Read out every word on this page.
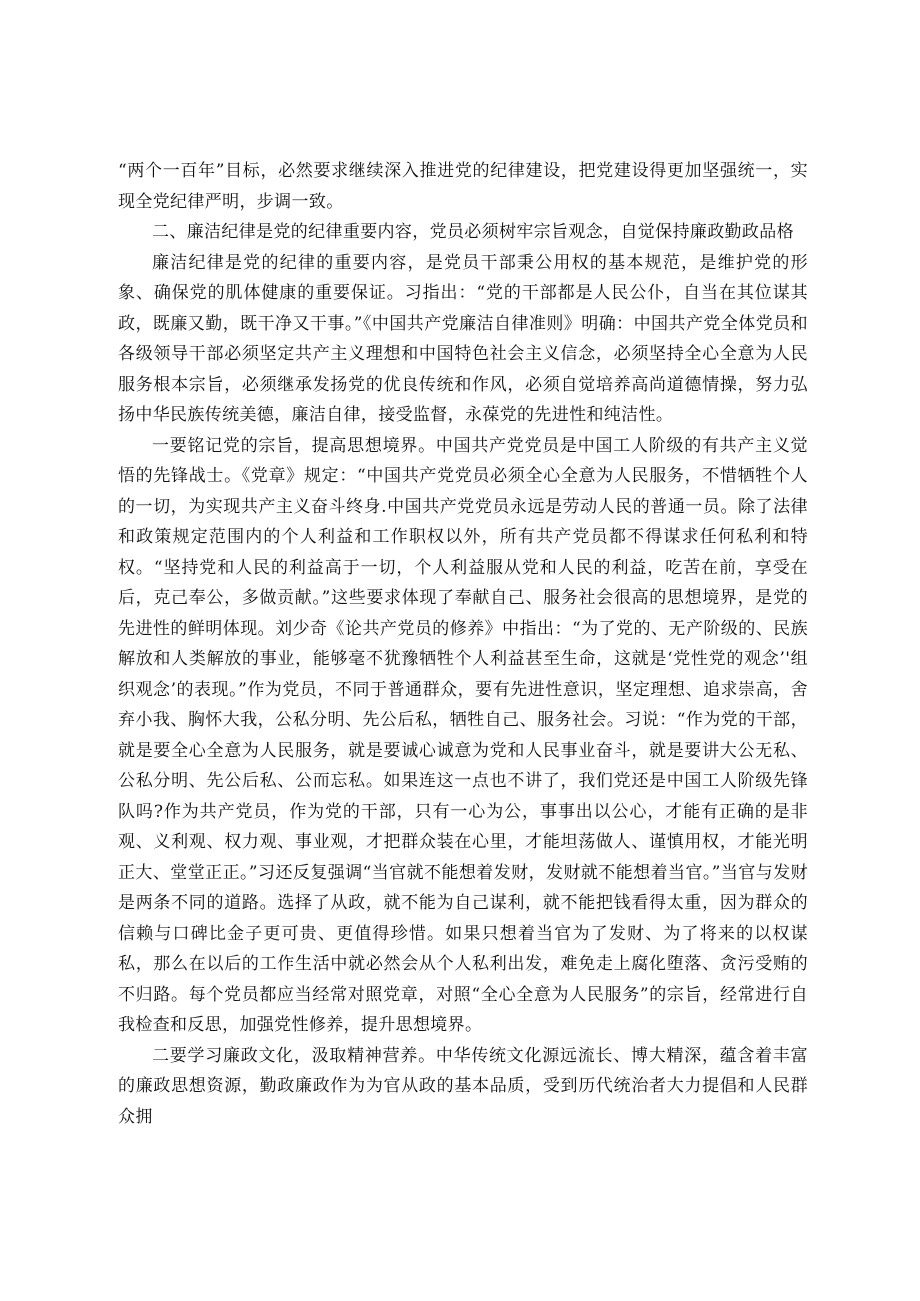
“两个一百年”目标，必然要求继续深入推进党的纪律建设，把党建设得更加坚强统一，实现全党纪律严明，步调一致。

二、廉洁纪律是党的纪律重要内容，党员必须树牢宗旨观念，自觉保持廉政勤政品格

廉洁纪律是党的纪律的重要内容，是党员干部秉公用权的基本规范，是维护党的形象、确保党的肌体健康的重要保证。习指出：“党的干部都是人民公仆，自当在其位谋其政，既廉又勤，既干净又干事。”《中国共产党廉洁自律准则》明确：中国共产党全体党员和各级领导干部必须坚定共产主义理想和中国特色社会主义信念，必须坚持全心全意为人民服务根本宗旨，必须继承发扬党的优良传统和作风，必须自觉培养高尚道德情操，努力弘扬中华民族传统美德，廉洁自律，接受监督，永葆党的先进性和纯洁性。

一要铭记党的宗旨，提高思想境界。中国共产党党员是中国工人阶级的有共产主义觉悟的先锋战士。《党章》规定：“中国共产党党员必须全心全意为人民服务，不惜牺牲个人的一切，为实现共产主义奋斗终身.中国共产党党员永远是劳动人民的普通一员。除了法律和政策规定范围内的个人利益和工作职权以外，所有共产党员都不得谋求任何私利和特权。“坚持党和人民的利益高于一切，个人利益服从党和人民的利益，吃苦在前，享受在后，克己奉公，多做贡献。”这些要求体现了奉献自己、服务社会很高的思想境界，是党的先进性的鲜明体现。刘少奇《论共产党员的修养》中指出：“为了党的、无产阶级的、民族解放和人类解放的事业，能够毫不犹豫牺牲个人利益甚至生命，这就是‘党性党的观念’'组织观念’的表现。”作为党员，不同于普通群众，要有先进性意识，坚定理想、追求崇高，舍弃小我、胸怀大我，公私分明、先公后私，牺牲自己、服务社会。习说：“作为党的干部，就是要全心全意为人民服务，就是要诚心诚意为党和人民事业奋斗，就是要讲大公无私、公私分明、先公后私、公而忘私。如果连这一点也不讲了，我们党还是中国工人阶级先锋队吗?作为共产党员，作为党的干部，只有一心为公，事事出以公心，才能有正确的是非观、义利观、权力观、事业观，才把群众装在心里，才能坦荡做人、谨慎用权，才能光明正大、堂堂正正。”习还反复强调“当官就不能想着发财，发财就不能想着当官。”当官与发财是两条不同的道路。选择了从政，就不能为自己谋利，就不能把钱看得太重，因为群众的信赖与口碑比金子更可贵、更值得珍惜。如果只想着当官为了发财、为了将来的以权谋私，那么在以后的工作生活中就必然会从个人私利出发，难免走上腐化堕落、贪污受贿的不归路。每个党员都应当经常对照党章，对照“全心全意为人民服务”的宗旨，经常进行自我检查和反思，加强党性修养，提升思想境界。

二要学习廉政文化，汲取精神营养。中华传统文化源远流长、博大精深，蕴含着丰富的廉政思想资源，勤政廉政作为为官从政的基本品质，受到历代统治者大力提倡和人民群众拥
